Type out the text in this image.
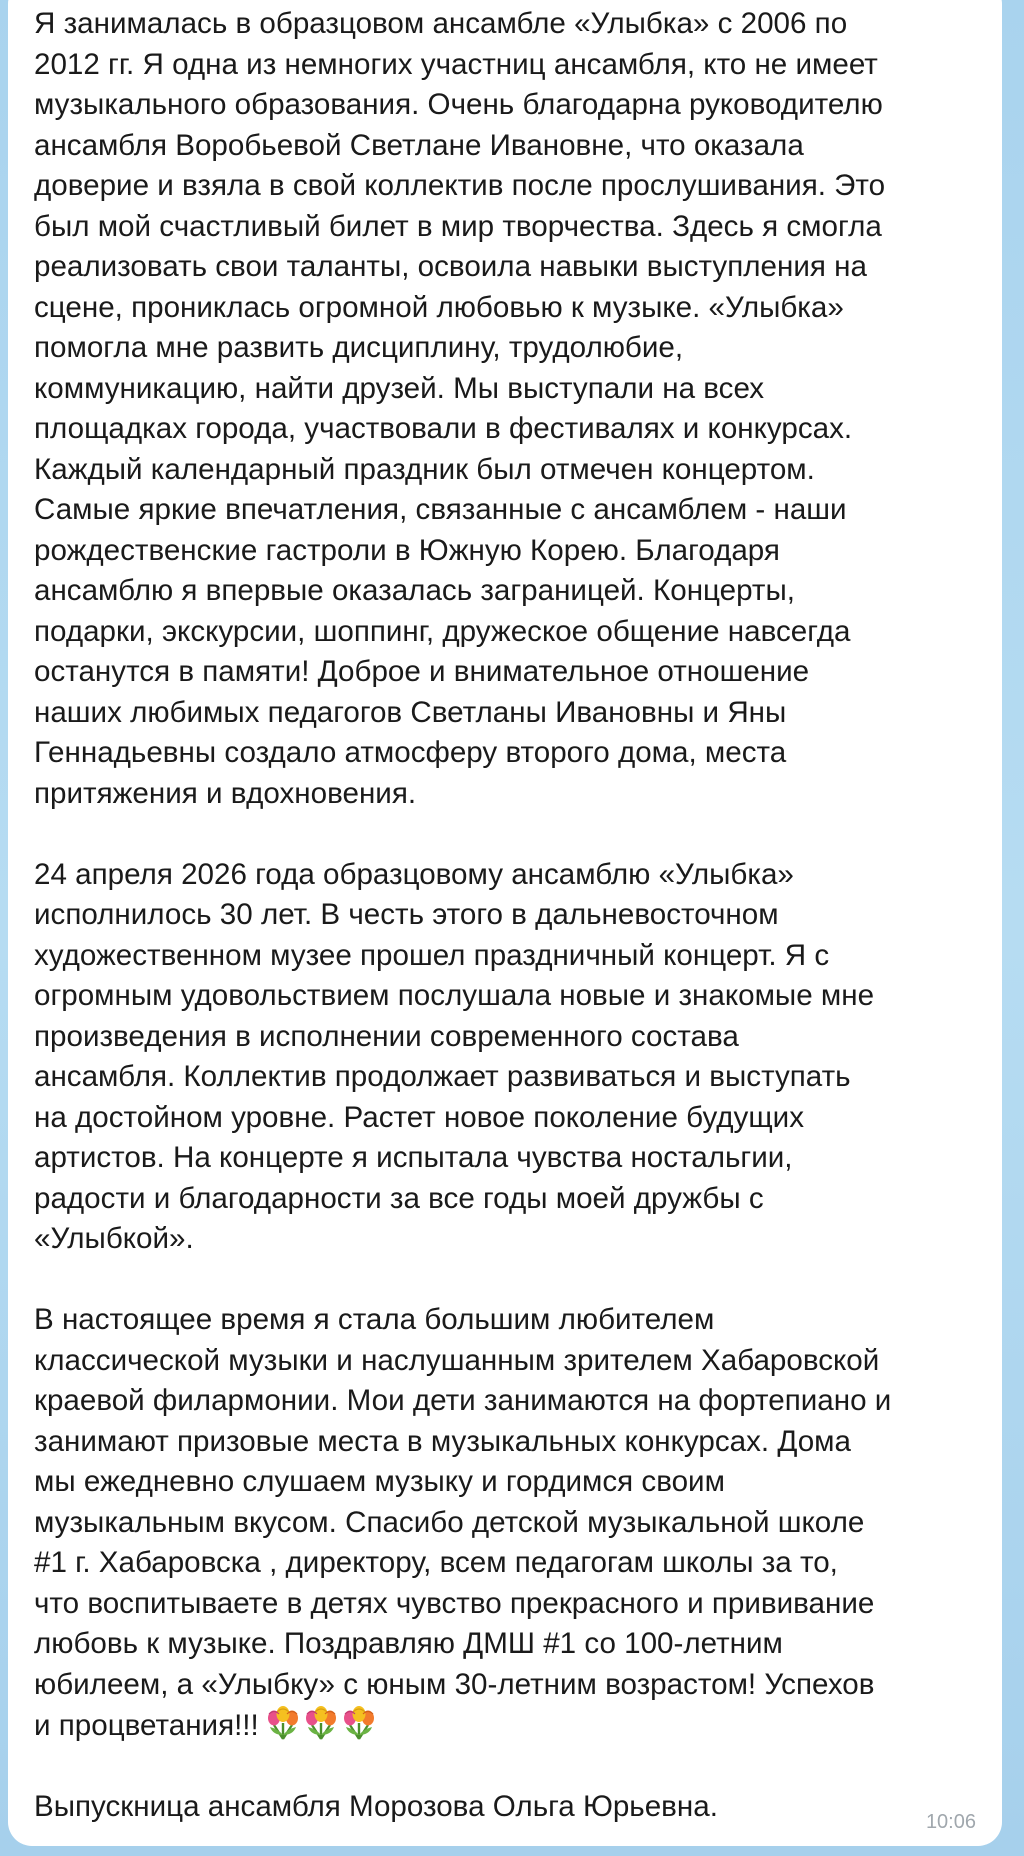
Я занималась в образцовом ансамбле «Улыбка» с 2006 по
2012 гг. Я одна из немногих участниц ансамбля, кто не имеет
музыкального образования. Очень благодарна руководителю
ансамбля Воробьевой Светлане Ивановне, что оказала
доверие и взяла в свой коллектив после прослушивания. Это
был мой счастливый билет в мир творчества. Здесь я смогла
реализовать свои таланты, освоила навыки выступления на
сцене, прониклась огромной любовью к музыке. «Улыбка»
помогла мне развить дисциплину, трудолюбие,
коммуникацию, найти друзей. Мы выступали на всех
площадках города, участвовали в фестивалях и конкурсах.
Каждый календарный праздник был отмечен концертом.
Самые яркие впечатления, связанные с ансамблем - наши
рождественские гастроли в Южную Корею. Благодаря
ансамблю я впервые оказалась заграницей. Концерты,
подарки, экскурсии, шоппинг, дружеское общение навсегда
останутся в памяти! Доброе и внимательное отношение
наших любимых педагогов Светланы Ивановны и Яны
Геннадьевны создало атмосферу второго дома, места
притяжения и вдохновения.
24 апреля 2026 года образцовому ансамблю «Улыбка»
исполнилось 30 лет. В честь этого в дальневосточном
художественном музее прошел праздничный концерт. Я с
огромным удовольствием послушала новые и знакомые мне
произведения в исполнении современного состава
ансамбля. Коллектив продолжает развиваться и выступать
на достойном уровне. Растет новое поколение будущих
артистов. На концерте я испытала чувства ностальгии,
радости и благодарности за все годы моей дружбы с
«Улыбкой».
В настоящее время я стала большим любителем
классической музыки и наслушанным зрителем Хабаровской
краевой филармонии. Мои дети занимаются на фортепиано и
занимают призовые места в музыкальных конкурсах. Дома
мы ежедневно слушаем музыку и гордимся своим
музыкальным вкусом. Спасибо детской музыкальной школе
#1 г. Хабаровска , директору, всем педагогам школы за то,
что воспитываете в детях чувство прекрасного и прививание
любовь к музыке. Поздравляю ДМШ #1 со 100-летним
юбилеем, а «Улыбку» с юным 30-летним возрастом! Успехов
и процветания!!!
Выпускница ансамбля Морозова Ольга Юрьевна.	10:06
